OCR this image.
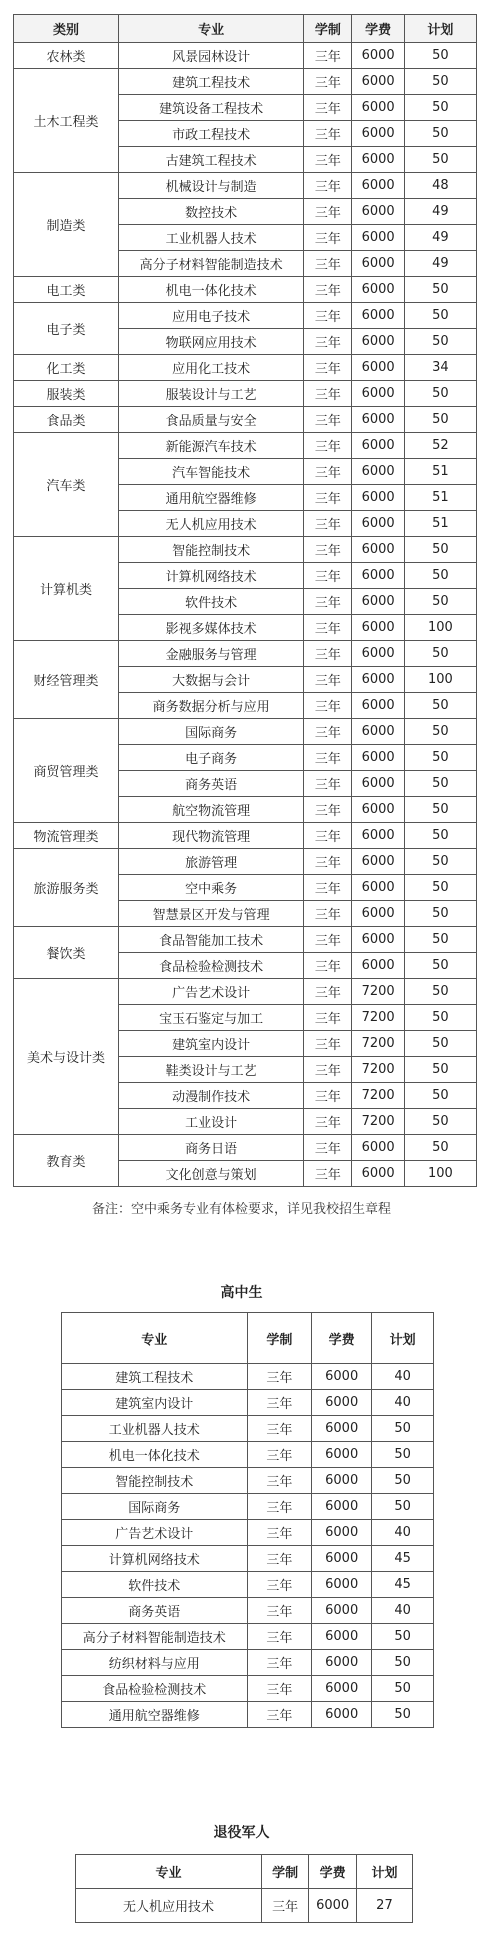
类别	专业	学制	学费	计划
农林类	风景园林设计	三年	6000	50
土木工程类	建筑工程技术	三年	6000	50
	建筑设备工程技术	三年	6000	50
	市政工程技术	三年	6000	50
	古建筑工程技术	三年	6000	50
制造类	机械设计与制造	三年	6000	48
	数控技术	三年	6000	49
	工业机器人技术	三年	6000	49
	高分子材料智能制造技术	三年	6000	49
电工类	机电一体化技术	三年	6000	50
电子类	应用电子技术	三年	6000	50
	物联网应用技术	三年	6000	50
化工类	应用化工技术	三年	6000	34
服装类	服装设计与工艺	三年	6000	50
食品类	食品质量与安全	三年	6000	50
汽车类	新能源汽车技术	三年	6000	52
	汽车智能技术	三年	6000	51
	通用航空器维修	三年	6000	51
	无人机应用技术	三年	6000	51
计算机类	智能控制技术	三年	6000	50
	计算机网络技术	三年	6000	50
	软件技术	三年	6000	50
	影视多媒体技术	三年	6000	100
财经管理类	金融服务与管理	三年	6000	50
	大数据与会计	三年	6000	100
	商务数据分析与应用	三年	6000	50
商贸管理类	国际商务	三年	6000	50
	电子商务	三年	6000	50
	商务英语	三年	6000	50
	航空物流管理	三年	6000	50
物流管理类	现代物流管理	三年	6000	50
旅游服务类	旅游管理	三年	6000	50
	空中乘务	三年	6000	50
	智慧景区开发与管理	三年	6000	50
餐饮类	食品智能加工技术	三年	6000	50
	食品检验检测技术	三年	6000	50
美术与设计类	广告艺术设计	三年	7200	50
	宝玉石鉴定与加工	三年	7200	50
	建筑室内设计	三年	7200	50
	鞋类设计与工艺	三年	7200	50
	动漫制作技术	三年	7200	50
	工业设计	三年	7200	50
教育类	商务日语	三年	6000	50
	文化创意与策划	三年	6000	100
备注：空中乘务专业有体检要求，详见我校招生章程
高中生
专业	学制	学费	计划
建筑工程技术	三年	6000	40
建筑室内设计	三年	6000	40
工业机器人技术	三年	6000	50
机电一体化技术	三年	6000	50
智能控制技术	三年	6000	50
国际商务	三年	6000	50
广告艺术设计	三年	6000	40
计算机网络技术	三年	6000	45
软件技术	三年	6000	45
商务英语	三年	6000	40
高分子材料智能制造技术	三年	6000	50
纺织材料与应用	三年	6000	50
食品检验检测技术	三年	6000	50
通用航空器维修	三年	6000	50
退役军人
专业	学制	学费	计划
无人机应用技术	三年	6000	27
